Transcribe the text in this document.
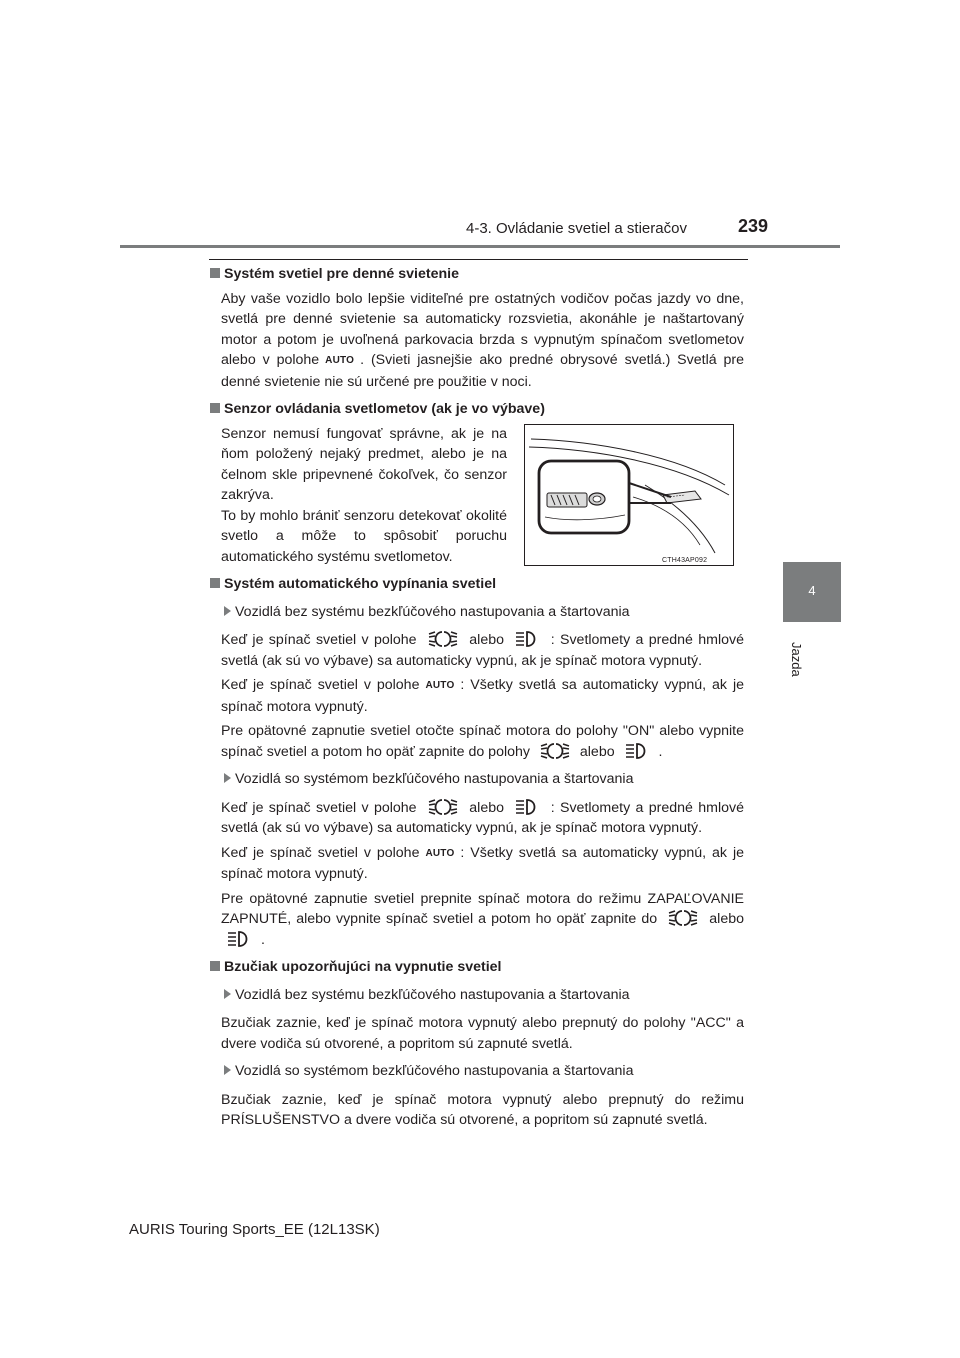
4-3. Ovládanie svetiel a stieračov	239
4
Jazda

Systém svetiel pre denné svietenie

Aby vaše vozidlo bolo lepšie viditeľné pre ostatných vodičov počas jazdy vo dne, svetlá pre denné svietenie sa automaticky rozsvietia, akonáhle je naštartovaný motor a potom je uvoľnená parkovacia brzda s vypnutým spínačom svetlometov alebo v polohe AUTO . (Svieti jasnejšie ako predné obrysové svetlá.) Svetlá pre denné svietenie nie sú určené pre použitie v noci.

Senzor ovládania svetlometov (ak je vo výbave)

Senzor nemusí fungovať správne, ak je na ňom položený nejaký predmet, alebo je na čelnom skle pripevnené čokoľvek, čo senzor zakrýva.
To by mohlo brániť senzoru detekovať okolité svetlo a môže to spôsobiť poruchu automatického systému svetlometov.	CTH43AP092

Systém automatického vypínania svetiel

Vozidlá bez systému bezkľúčového nastupovania a štartovania

Keď je spínač svetiel v polohe	alebo	: Svetlomety a predné hmlové svetlá (ak sú vo výbave) sa automaticky vypnú, ak je spínač motora vypnutý.

Keď je spínač svetiel v polohe AUTO : Všetky svetlá sa automaticky vypnú, ak je spínač motora vypnutý.

Pre opätovné zapnutie svetiel otočte spínač motora do polohy "ON" alebo vypnite spínač svetiel a potom ho opäť zapnite do polohy	alebo	.

Vozidlá so systémom bezkľúčového nastupovania a štartovania

Keď je spínač svetiel v polohe	alebo	: Svetlomety a predné hmlové svetlá (ak sú vo výbave) sa automaticky vypnú, ak je spínač motora vypnutý.

Keď je spínač svetiel v polohe AUTO : Všetky svetlá sa automaticky vypnú, ak je spínač motora vypnutý.

Pre opätovné zapnutie svetiel prepnite spínač motora do režimu ZAPAĽOVANIE ZAPNUTÉ, alebo vypnite spínač svetiel a potom ho opäť zapnite do	alebo  .

Bzučiak upozorňujúci na vypnutie svetiel

Vozidlá bez systému bezkľúčového nastupovania a štartovania

Bzučiak zaznie, keď je spínač motora vypnutý alebo prepnutý do polohy "ACC" a dvere vodiča sú otvorené, a popritom sú zapnuté svetlá.

Vozidlá so systémom bezkľúčového nastupovania a štartovania

Bzučiak zaznie, keď je spínač motora vypnutý alebo prepnutý do režimu PRÍSLUŠENSTVO a dvere vodiča sú otvorené, a popritom sú zapnuté svetlá.

AURIS Touring Sports_EE (12L13SK)
